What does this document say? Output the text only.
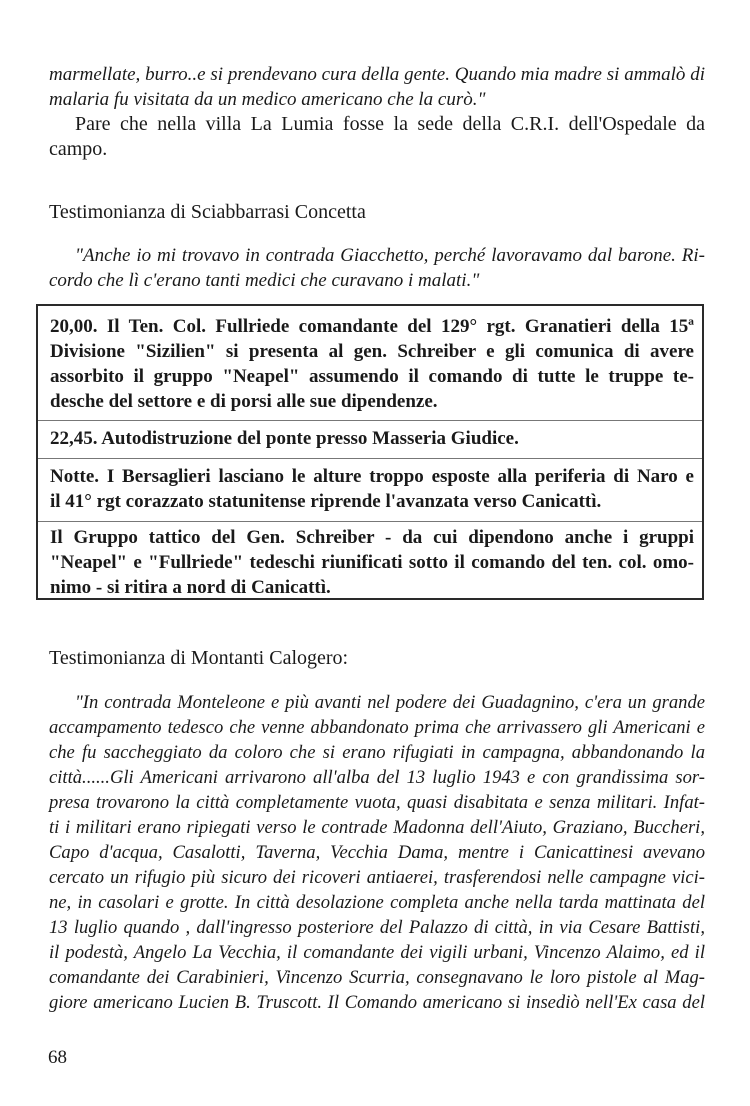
marmellate, burro..e si prendevano cura della gente. Quando mia madre si ammalò di
malaria fu visitata da un medico americano che la curò."
Pare che nella villa La Lumia fosse la sede della C.R.I. dell'Ospedale da
campo.
Testimonianza di Sciabbarrasi Concetta
"Anche io mi trovavo in contrada Giacchetto, perché lavoravamo dal barone. Ri-
cordo che lì c'erano tanti medici che curavano i malati."
20,00. Il Ten. Col. Fullriede comandante del 129° rgt. Granatieri della 15ª
Divisione "Sizilien" si presenta al gen. Schreiber e gli comunica di avere
assorbito il gruppo "Neapel" assumendo il comando di tutte le truppe te-
desche del settore e di porsi alle sue dipendenze.
22,45. Autodistruzione del ponte presso Masseria Giudice.
Notte. I Bersaglieri lasciano le alture troppo esposte alla periferia di Naro e
il 41° rgt corazzato statunitense riprende l'avanzata verso Canicattì.
Il Gruppo tattico del Gen. Schreiber - da cui dipendono anche i gruppi
"Neapel" e "Fullriede" tedeschi riunificati sotto il comando del ten. col. omo-
nimo - si ritira a nord di Canicattì.
Testimonianza di Montanti Calogero:
"In contrada Monteleone e più avanti nel podere dei Guadagnino, c'era un grande
accampamento tedesco che venne abbandonato prima che arrivassero gli Americani e
che fu saccheggiato da coloro che si erano rifugiati in campagna, abbandonando la
città......Gli Americani arrivarono all'alba del 13 luglio 1943 e con grandissima sor-
presa trovarono la città completamente vuota, quasi disabitata e senza militari. Infat-
ti i militari erano ripiegati verso le contrade Madonna dell'Aiuto, Graziano, Buccheri,
Capo d'acqua, Casalotti, Taverna, Vecchia Dama, mentre i Canicattinesi avevano
cercato un rifugio più sicuro dei ricoveri antiaerei, trasferendosi nelle campagne vici-
ne, in casolari e grotte. In città desolazione completa anche nella tarda mattinata del
13 luglio quando , dall'ingresso posteriore del Palazzo di città, in via Cesare Battisti,
il podestà, Angelo La Vecchia, il comandante dei vigili urbani, Vincenzo Alaimo, ed il
comandante dei Carabinieri, Vincenzo Scurria, consegnavano le loro pistole al Mag-
giore americano Lucien B. Truscott. Il Comando americano si insediò nell'Ex casa del
68
